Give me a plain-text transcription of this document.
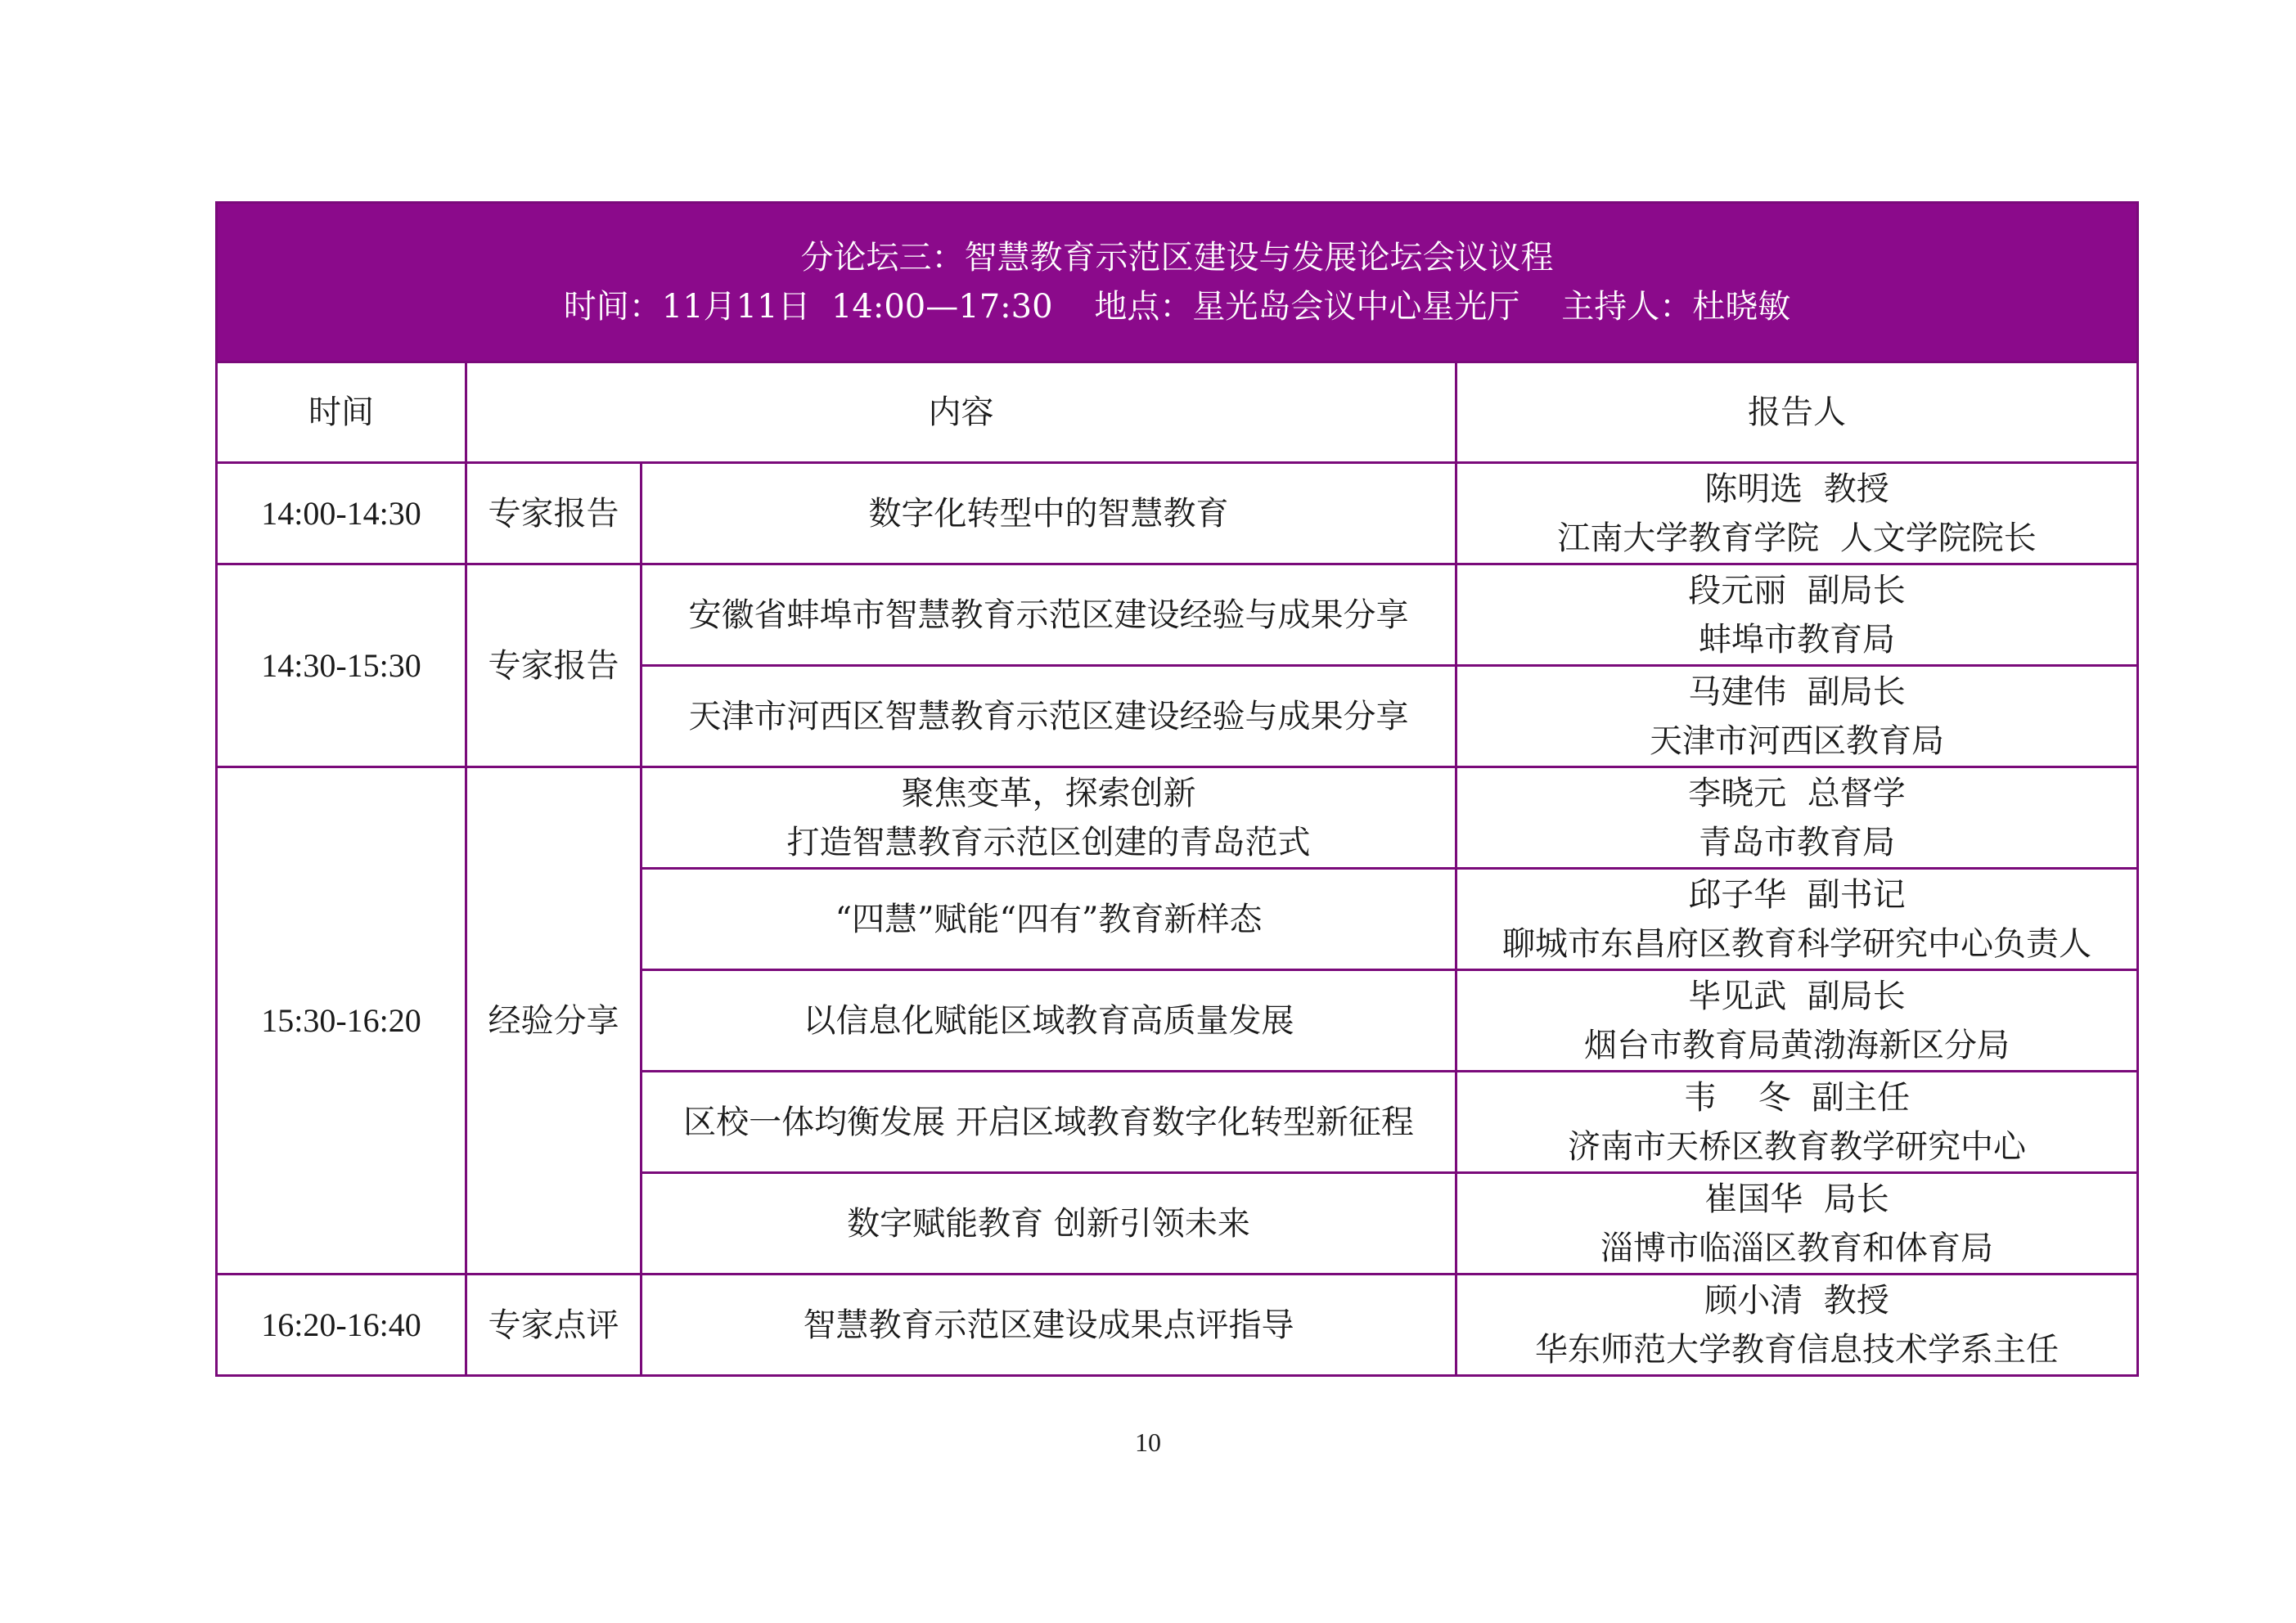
分论坛三：智慧教育示范区建设与发展论坛会议议程
时间：11月11日  14:00—17:30    地点：星光岛会议中心星光厅    主持人：杜晓敏			

时间	内容		报告人
14:00-14:30	专家报告	数字化转型中的智慧教育	陈明选  教授
江南大学教育学院  人文学院院长

14:30-15:30	专家报告	安徽省蚌埠市智慧教育示范区建设经验与成果分享	段元丽  副局长
蚌埠市教育局

		天津市河西区智慧教育示范区建设经验与成果分享	马建伟  副局长
天津市河西区教育局

15:30-16:20	经验分享	聚焦变革，探索创新
打造智慧教育示范区创建的青岛范式	李晓元  总督学
青岛市教育局

		“四慧”赋能“四有”教育新样态	邱子华  副书记
聊城市东昌府区教育科学研究中心负责人

		以信息化赋能区域教育高质量发展	毕见武  副局长
烟台市教育局黄渤海新区分局

		区校一体均衡发展 开启区域教育数字化转型新征程	韦    冬  副主任
济南市天桥区教育教学研究中心

		数字赋能教育 创新引领未来	崔国华  局长
淄博市临淄区教育和体育局

16:20-16:40	专家点评	智慧教育示范区建设成果点评指导	顾小清  教授
华东师范大学教育信息技术学系主任
10
